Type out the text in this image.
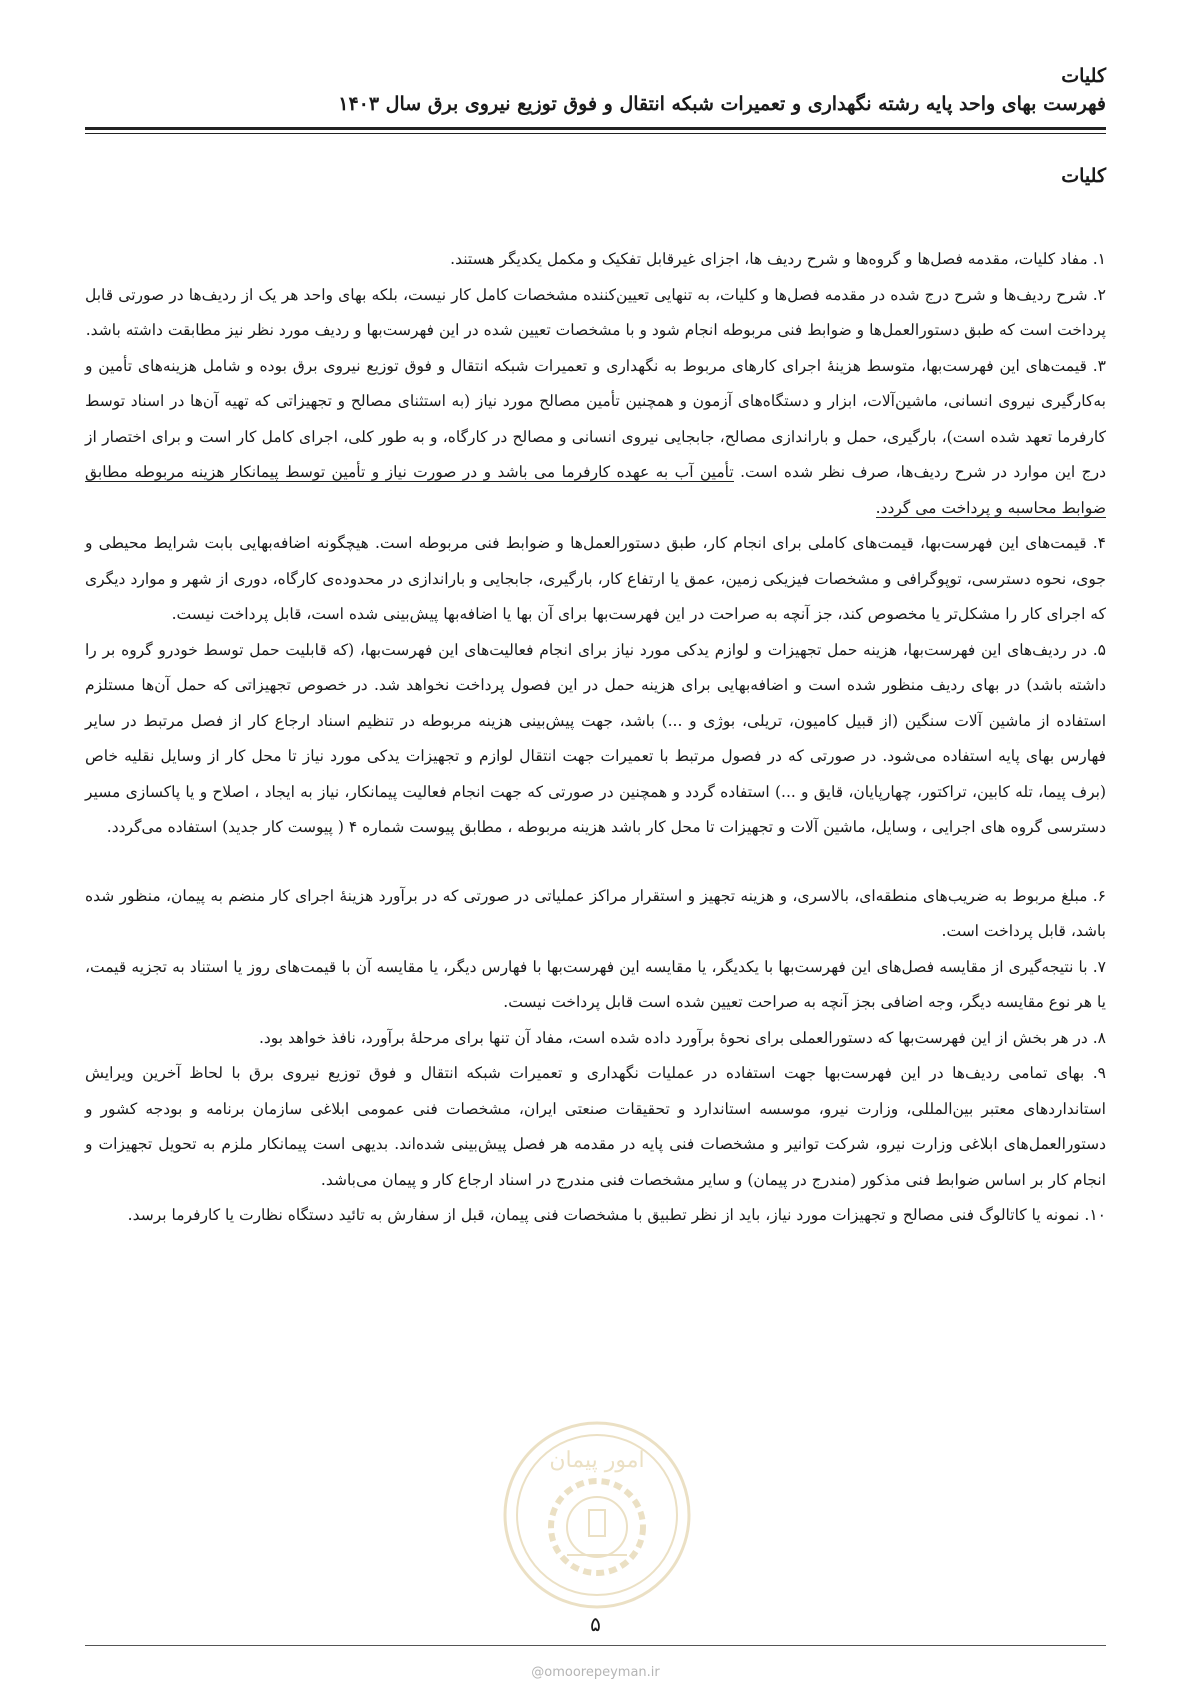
کلیات
فهرست بهای واحد پایه رشته نگهداری و تعمیرات شبکه انتقال و فوق توزیع نیروی برق سال ۱۴۰۳
کلیات

۱. مفاد کلیات، مقدمه فصل‌ها و گروه‌ها و شرح ردیف ها، اجزای غیرقابل تفکیک و مکمل یکدیگر هستند.

۲. شرح ردیف‌ها و شرح درج شده در مقدمه فصل‌ها و کلیات، به تنهایی تعیین‌کننده مشخصات کامل کار نیست، بلکه بهای واحد هر یک از ردیف‌ها در صورتی قابل پرداخت است که طبق دستورالعمل‌ها و ضوابط فنی مربوطه انجام شود و با مشخصات تعیین شده در این فهرست‌بها و ردیف مورد نظر نیز مطابقت داشته باشد.

۳. قیمت‌های این فهرست‌بها، متوسط هزینهٔ اجرای کارهای مربوط به نگهداری و تعمیرات شبکه انتقال و فوق توزیع نیروی برق بوده و شامل هزینه‌های تأمین و به‌کارگیری نیروی انسانی، ماشین‌آلات، ابزار و دستگاه‌های آزمون و همچنین تأمین مصالح مورد نیاز (به استثنای مصالح و تجهیزاتی که تهیه آن‌ها در اسناد توسط کارفرما تعهد شده است)، بارگیری، حمل و باراندازی مصالح، جابجایی نیروی انسانی و مصالح در کارگاه، و به طور کلی، اجرای کامل کار است و برای اختصار از درج این موارد در شرح ردیف‌ها، صرف نظر شده است. تأمین آب به عهده کارفرما می باشد و در صورت نیاز و تأمین توسط پیمانکار هزینه مربوطه مطابق ضوابط محاسبه و پرداخت می گردد.

۴. قیمت‌های این فهرست‌بها، قیمت‌های کاملی برای انجام کار، طبق دستورالعمل‌ها و ضوابط فنی مربوطه است. هیچگونه اضافه‌بهایی بابت شرایط محیطی و جوی، نحوه دسترسی، توپوگرافی و مشخصات فیزیکی زمین، عمق یا ارتفاع کار، بارگیری، جابجایی و باراندازی در محدوده‌ی کارگاه، دوری از شهر و موارد دیگری که اجرای کار را مشکل‌تر یا مخصوص کند، جز آنچه به صراحت در این فهرست‌بها برای آن بها یا اضافه‌بها پیش‌بینی شده است، قابل پرداخت نیست.

۵. در ردیف‌های این فهرست‌بها، هزینه حمل تجهیزات و لوازم یدکی مورد نیاز برای انجام فعالیت‌های این فهرست‌بها، (که قابلیت حمل توسط خودرو گروه بر را داشته باشد) در بهای ردیف منظور شده است و اضافه‌بهایی برای هزینه حمل در این فصول پرداخت نخواهد شد. در خصوص تجهیزاتی که حمل آن‌ها مستلزم استفاده از ماشین آلات سنگین (از قبیل کامیون، تریلی، بوژی و ...) باشد، جهت پیش‌بینی هزینه مربوطه در تنظیم اسناد ارجاع کار از فصل مرتبط در سایر فهارس بهای پایه استفاده می‌شود. در صورتی که در فصول مرتبط با تعمیرات جهت انتقال لوازم و تجهیزات یدکی مورد نیاز تا محل کار از وسایل نقلیه خاص (برف پیما، تله کابین، تراکتور، چهارپایان، قایق و ...) استفاده گردد و همچنین در صورتی که جهت انجام فعالیت پیمانکار، نیاز به ایجاد ، اصلاح و یا پاکسازی مسیر دسترسی گروه های اجرایی ، وسایل، ماشین آلات و تجهیزات تا محل کار باشد هزینه مربوطه ، مطابق پیوست شماره ۴ ( پیوست کار جدید) استفاده می‌گردد.

۶. مبلغ مربوط به ضریب‌های منطقه‌ای، بالاسری، و هزینه تجهیز و استقرار مراکز عملیاتی در صورتی که در برآورد هزینهٔ اجرای کار منضم به پیمان، منظور شده باشد، قابل پرداخت است.

۷. با نتیجه‌گیری از مقایسه فصل‌های این فهرست‌بها با یکدیگر، یا مقایسه این فهرست‌بها با فهارس دیگر، یا مقایسه آن با قیمت‌های روز یا استناد به تجزیه قیمت، یا هر نوع مقایسه دیگر، وجه اضافی بجز آنچه به صراحت تعیین شده است قابل پرداخت نیست.

۸. در هر بخش از این فهرست‌بها که دستورالعملی برای نحوهٔ برآورد داده شده است، مفاد آن تنها برای مرحلهٔ برآورد، نافذ خواهد بود.

۹. بهای تمامی ردیف‌ها در این فهرست‌بها جهت استفاده در عملیات نگهداری و تعمیرات شبکه انتقال و فوق توزیع نیروی برق با لحاظ آخرین ویرایش استانداردهای معتبر بین‌المللی، وزارت نیرو، موسسه استاندارد و تحقیقات صنعتی ایران، مشخصات فنی عمومی ابلاغی سازمان برنامه و بودجه کشور و دستورالعمل‌های ابلاغی وزارت نیرو، شرکت توانیر و مشخصات فنی پایه در مقدمه هر فصل پیش‌بینی شده‌اند. بدیهی است پیمانکار ملزم به تحویل تجهیزات و انجام کار بر اساس ضوابط فنی مذکور (مندرج در پیمان) و سایر مشخصات فنی مندرج در اسناد ارجاع کار و پیمان می‌باشد.

۱۰. نمونه یا کاتالوگ فنی مصالح و تجهیزات مورد نیاز، باید از نظر تطبیق با مشخصات فنی پیمان، قبل از سفارش به تائید دستگاه نظارت یا کارفرما برسد.

۵
امور پیمان
@omoorepeyman.ir
